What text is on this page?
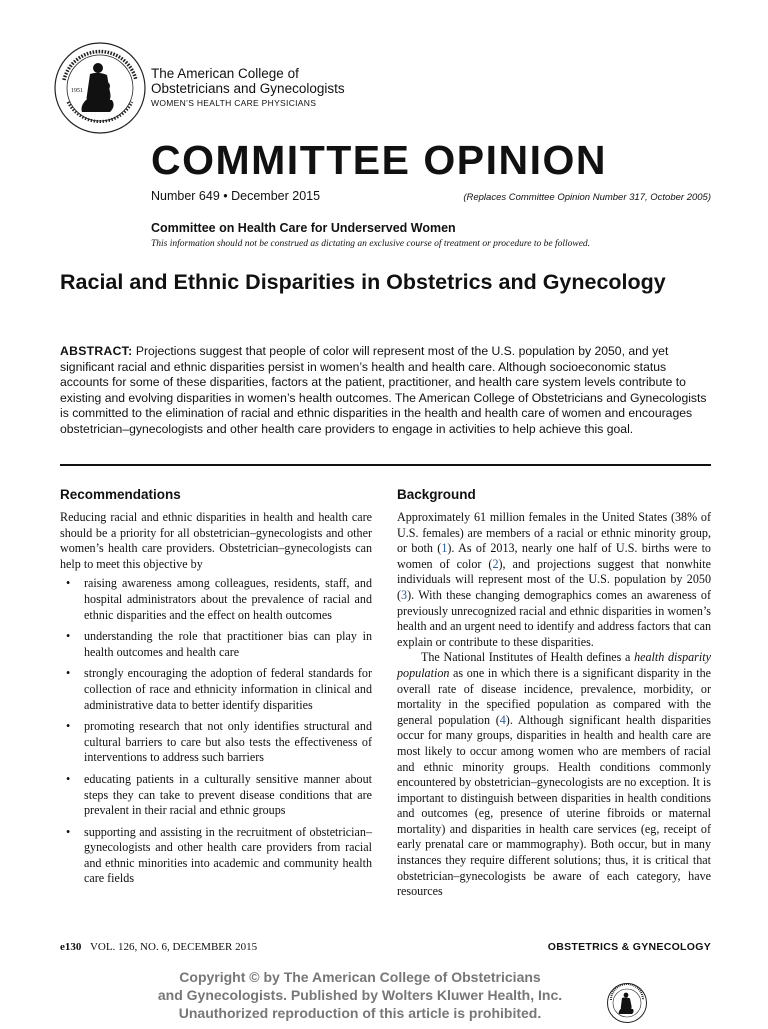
1951
The American College of
Obstetricians and Gynecologists
WOMEN’S HEALTH CARE PHYSICIANS
COMMITTEE OPINION
Number 649 • December 2015	(Replaces Committee Opinion Number 317, October 2005)
Committee on Health Care for Underserved Women
This information should not be construed as dictating an exclusive course of treatment or procedure to be followed.
Racial and Ethnic Disparities in Obstetrics and Gynecology
ABSTRACT: Projections suggest that people of color will represent most of the U.S. population by 2050, and yet significant racial and ethnic disparities persist in women’s health and health care. Although socioeconomic status accounts for some of these disparities, factors at the patient, practitioner, and health care system levels contribute to existing and evolving disparities in women’s health outcomes. The American College of Obstetricians and Gynecologists is committed to the elimination of racial and ethnic disparities in the health and health care of women and encourages obstetrician–gynecologists and other health care providers to engage in activities to help achieve this goal.
Recommendations

Reducing racial and ethnic disparities in health and health care should be a priority for all obstetrician–gynecologists and other women’s health care providers. Obstetrician–gynecologists can help to meet this objective by

• raising awareness among colleagues, residents, staff, and hospital administrators about the prevalence of racial and ethnic disparities and the effect on health outcomes
• understanding the role that practitioner bias can play in health outcomes and health care
• strongly encouraging the adoption of federal standards for collection of race and ethnicity information in clinical and administrative data to better identify disparities
• promoting research that not only identifies structural and cultural barriers to care but also tests the effectiveness of interventions to address such barriers
• educating patients in a culturally sensitive manner about steps they can take to prevent disease conditions that are prevalent in their racial and ethnic groups
• supporting and assisting in the recruitment of obstetrician–gynecologists and other health care providers from racial and ethnic minorities into academic and community health care fields
Background

Approximately 61 million females in the United States (38% of U.S. females) are members of a racial or ethnic minority group, or both (1). As of 2013, nearly one half of U.S. births were to women of color (2), and projections suggest that nonwhite individuals will represent most of the U.S. population by 2050 (3). With these changing demographics comes an awareness of previously unrecognized racial and ethnic disparities in women’s health and an urgent need to identify and address factors that can explain or contribute to these disparities.

The National Institutes of Health defines a health disparity population as one in which there is a significant disparity in the overall rate of disease incidence, prevalence, morbidity, or mortality in the specified population as compared with the general population (4). Although significant health disparities occur for many groups, disparities in health and health care are most likely to occur among women who are members of racial and ethnic minority groups. Health conditions commonly encountered by obstetrician–gynecologists are no exception. It is important to distinguish between disparities in health conditions and outcomes (eg, presence of uterine fibroids or maternal mortality) and disparities in health care services (eg, receipt of early prenatal care or mammography). Both occur, but in many instances they require different solutions; thus, it is critical that obstetrician–gynecologists be aware of each category, have resources

e130 VOL. 126, NO. 6, DECEMBER 2015	OBSTETRICS & GYNECOLOGY
Copyright © by The American College of Obstetricians
and Gynecologists. Published by Wolters Kluwer Health, Inc.
Unauthorized reproduction of this article is prohibited.
